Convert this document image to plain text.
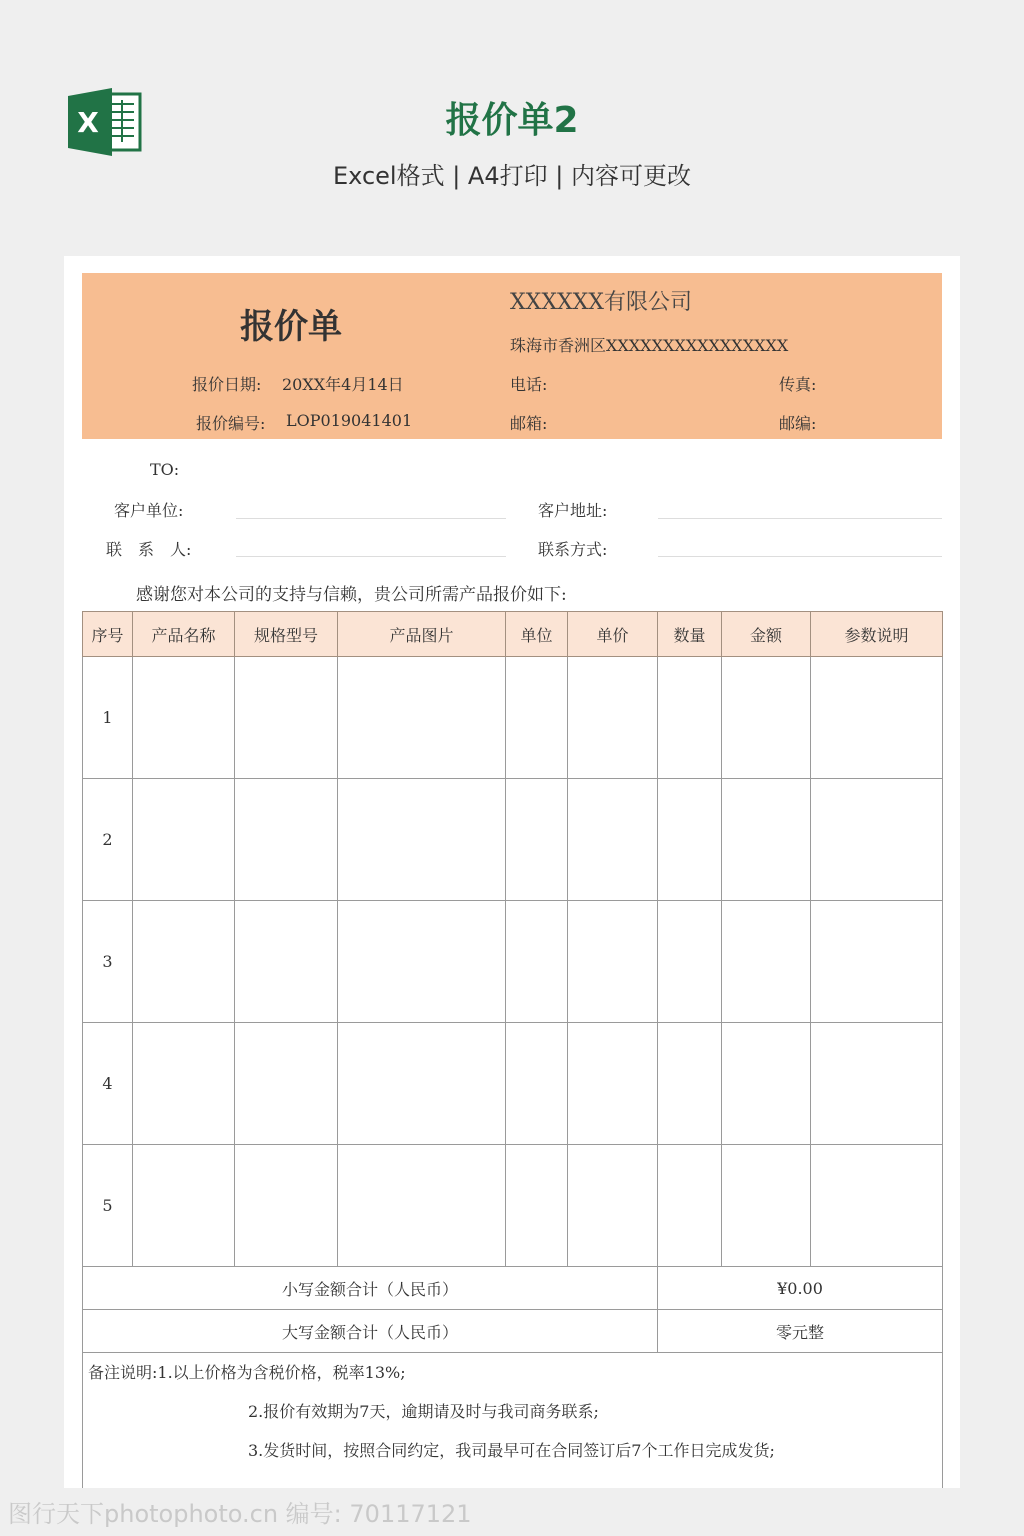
X	报价单2
Excel格式 | A4打印 | 内容可更改
报价单
XXXXXX有限公司
珠海市香洲区XXXXXXXXXXXXXXXX
报价日期: 20XX年4月14日	电话:	传真:
报价编号: LOP019041401	邮箱:	邮编:
TO:
客户单位:	客户地址:
联　系　人:	联系方式:
感谢您对本公司的支持与信赖，贵公司所需产品报价如下:
序号	产品名称	规格型号	产品图片	单位	单价	数量	金额	参数说明
1								
2								
3								
4								
5								
小写金额合计（人民币）						¥0.00		
大写金额合计（人民币）						零元整		

备注说明:1.以上价格为含税价格，税率13%;
2.报价有效期为7天，逾期请及时与我司商务联系;
3.发货时间，按照合同约定，我司最早可在合同签订后7个工作日完成发货;								
图行天下photophoto.cn 编号: 70117121
